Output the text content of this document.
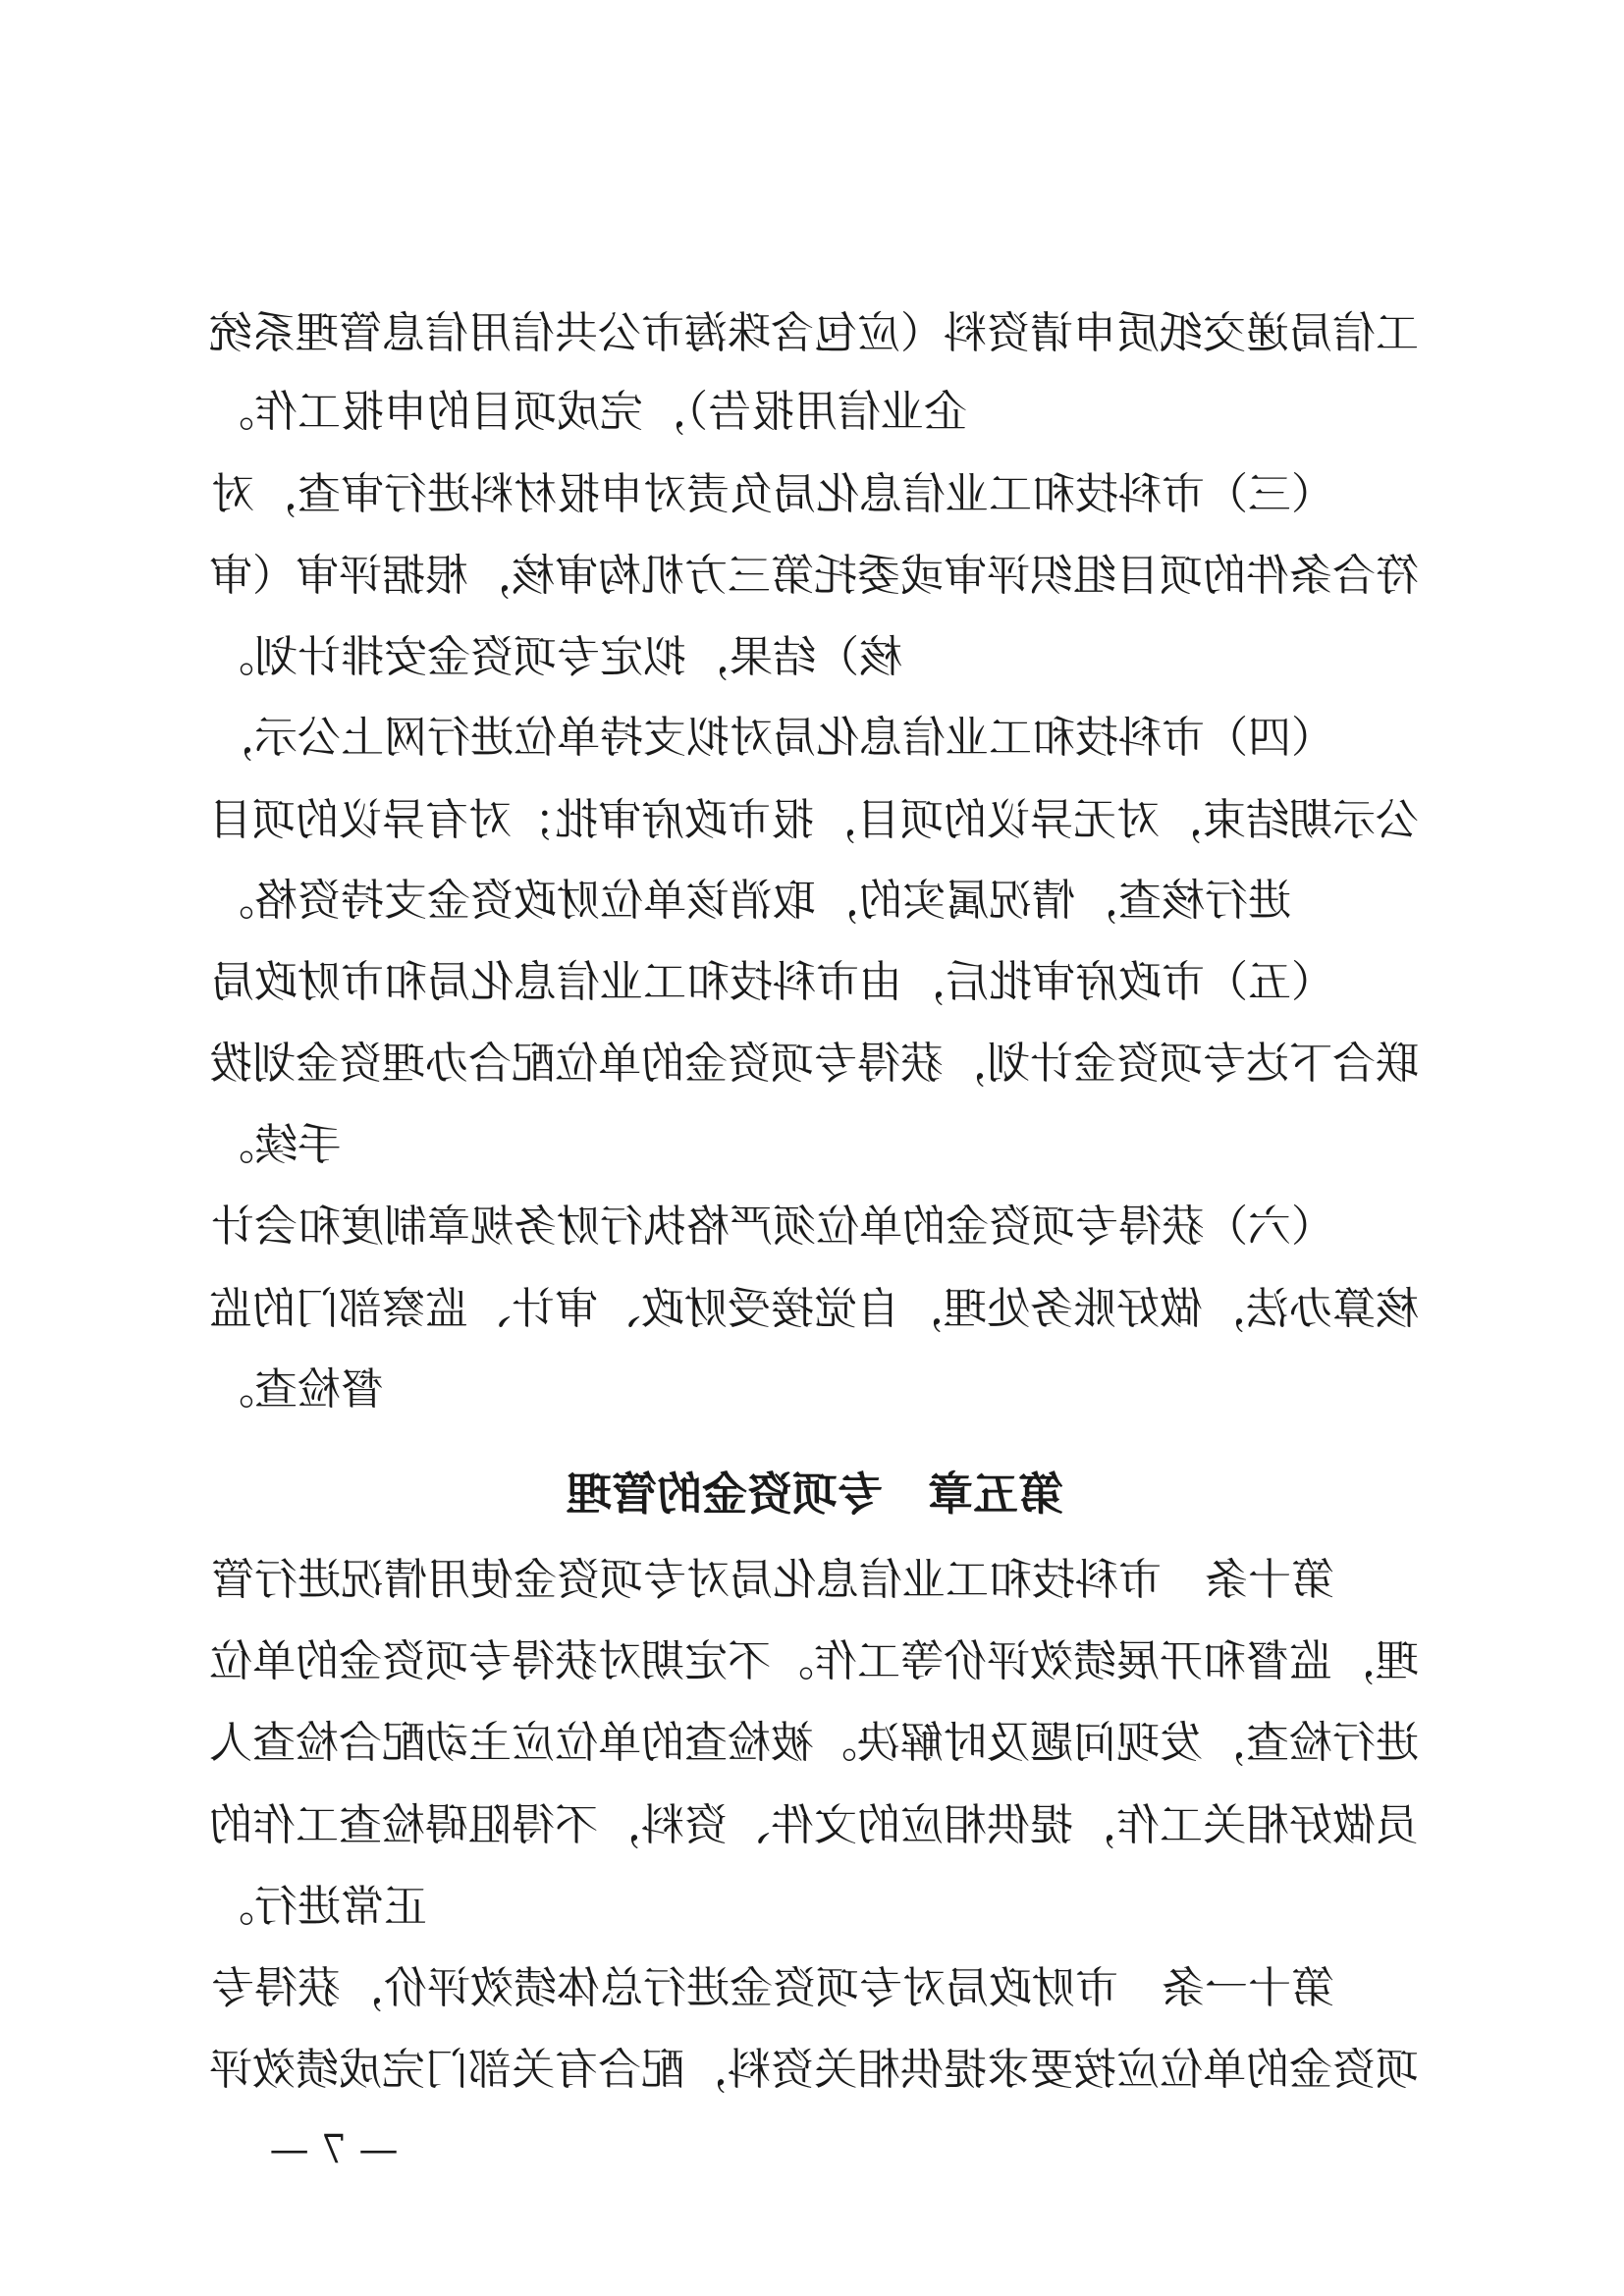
工信局递交纸质申请资料（应包含珠海市公共信用信息管理系统
企业信用报告），完成项目的申报工作。
（三）市科技和工业信息化局负责对申报材料进行审查，对
符合条件的项目组织评审或委托第三方机构审核，根据评审（审
核）结果，拟定专项资金安排计划。
（四）市科技和工业信息化局对拟支持单位进行网上公示，
公示期结束，对无异议的项目，报市政府审批；对有异议的项目
进行核查，情况属实的，取消该单位财政资金支持资格。
（五）市政府审批后，由市科技和工业信息化局和市财政局
联合下达专项资金计划，获得专项资金的单位配合办理资金划拨
手续。
（六）获得专项资金的单位须严格执行财务规章制度和会计
核算办法，做好账务处理，自觉接受财政、审计、监察部门的监
督检查。
第五章　专项资金的管理
第十条　市科技和工业信息化局对专项资金使用情况进行管
理，监督和开展绩效评价等工作。不定期对获得专项资金的单位
进行检查，发现问题及时解决。被检查的单位应主动配合检查人
员做好相关工作，提供相应的文件、资料，不得阻碍检查工作的
正常进行。
第十一条　市财政局对专项资金进行总体绩效评价，获得专
项资金的单位应按要求提供相关资料，配合有关部门完成绩效评
— 7 —
